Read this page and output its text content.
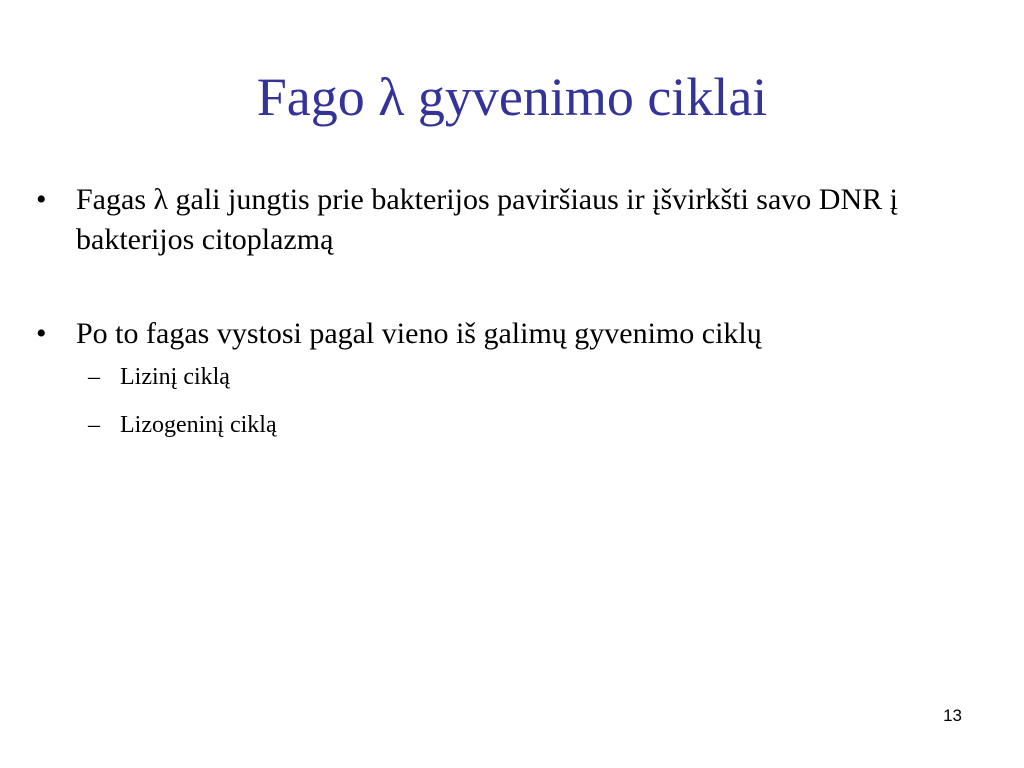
Fago λ gyvenimo ciklai
• Fagas λ gali jungtis prie bakterijos paviršiaus ir įšvirkšti savo DNR į bakterijos citoplazmą
• Po to fagas vystosi pagal vieno iš galimų gyvenimo ciklų
– Lizinį ciklą
– Lizogeninį ciklą
13
